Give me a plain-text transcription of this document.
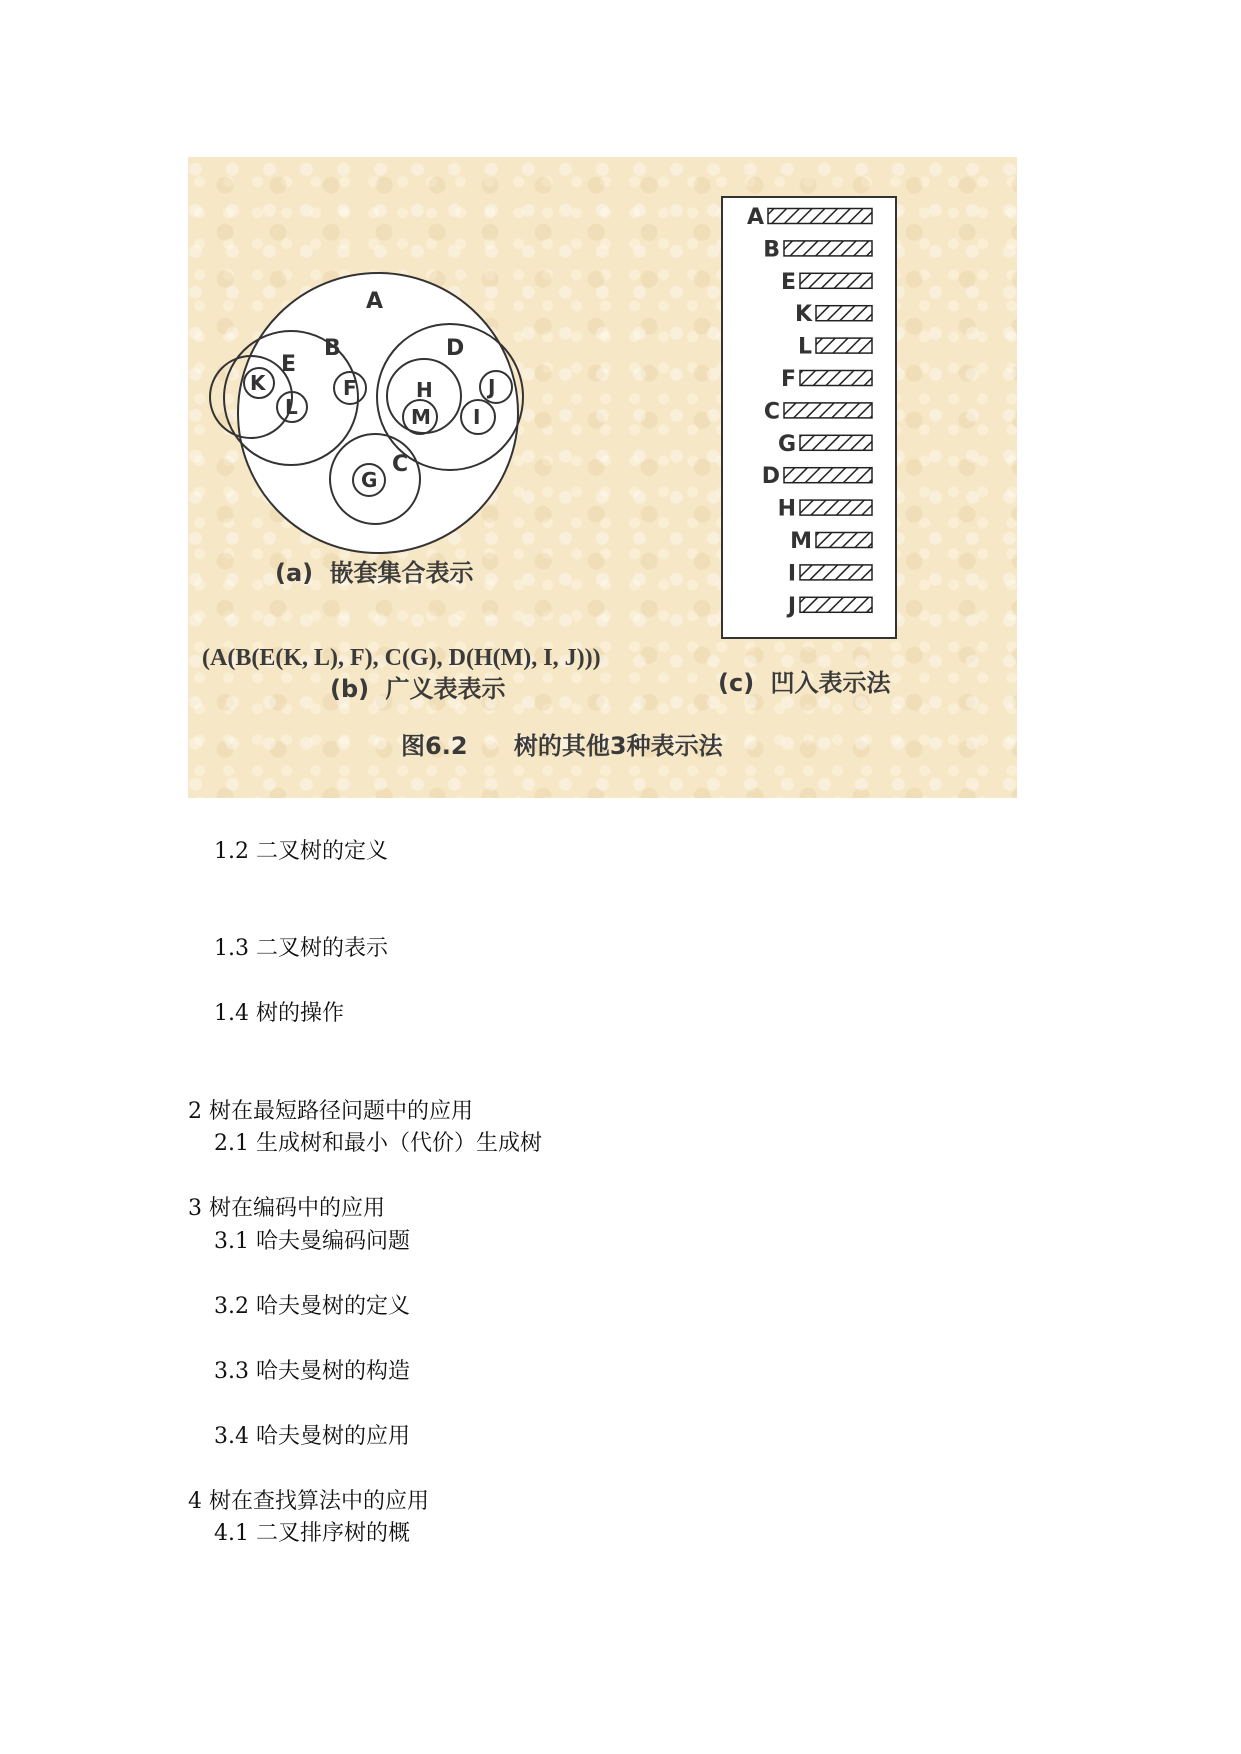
A
B
E
K
L
F
D
H
M I
J
C
G
(a) 嵌套集合表示
(A(B(E(K, L), F), C(G), D(H(M), I, J)))
(b) 广义表表示
A
B
E
K
L
F
C
G
D
H
M
I
J
(c) 凹入表示法
图6.2 树的其他3种表示法
1.2 二叉树的定义
1.3 二叉树的表示
1.4 树的操作
2 树在最短路径问题中的应用
2.1 生成树和最小（代价）生成树
3 树在编码中的应用
3.1 哈夫曼编码问题
3.2 哈夫曼树的定义
3.3 哈夫曼树的构造
3.4 哈夫曼树的应用
4 树在查找算法中的应用
4.1 二叉排序树的概
